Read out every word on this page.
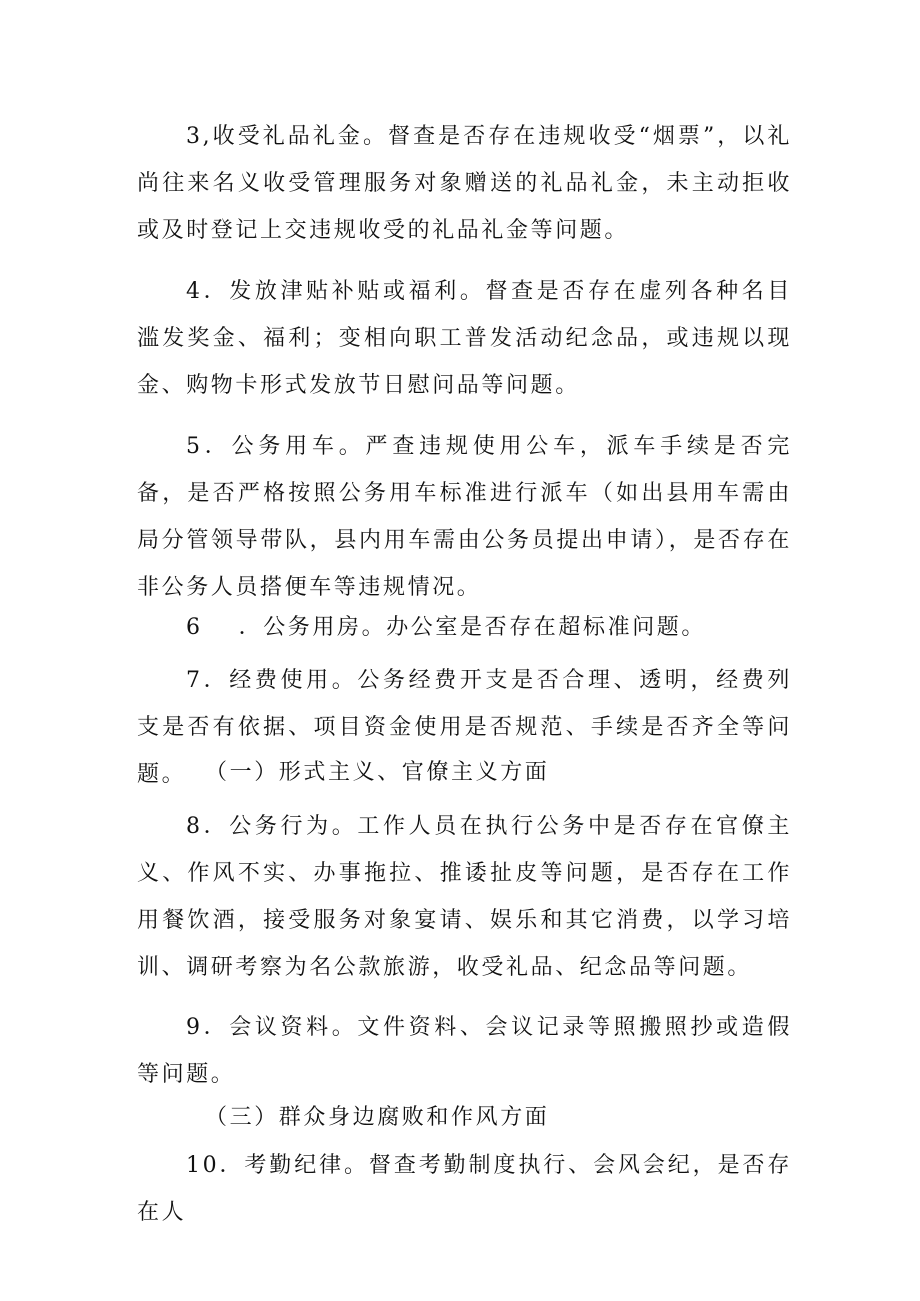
3,收受礼品礼金。督查是否存在违规收受“烟票”，以礼尚往来名义收受管理服务对象赠送的礼品礼金，未主动拒收或及时登记上交违规收受的礼品礼金等问题。

4．发放津贴补贴或福利。督查是否存在虚列各种名目滥发奖金、福利；变相向职工普发活动纪念品，或违规以现金、购物卡形式发放节日慰问品等问题。

5．公务用车。严查违规使用公车，派车手续是否完备，是否严格按照公务用车标准进行派车（如出县用车需由局分管领导带队，县内用车需由公务员提出申请），是否存在非公务人员搭便车等违规情况。

6 ．公务用房。办公室是否存在超标准问题。

7．经费使用。公务经费开支是否合理、透明，经费列支是否有依据、项目资金使用是否规范、手续是否齐全等问题。 （一）形式主义、官僚主义方面

8．公务行为。工作人员在执行公务中是否存在官僚主义、作风不实、办事拖拉、推诿扯皮等问题，是否存在工作用餐饮酒，接受服务对象宴请、娱乐和其它消费，以学习培训、调研考察为名公款旅游，收受礼品、纪念品等问题。

9．会议资料。文件资料、会议记录等照搬照抄或造假等问题。

（三）群众身边腐败和作风方面

10．考勤纪律。督查考勤制度执行、会风会纪，是否存在人
